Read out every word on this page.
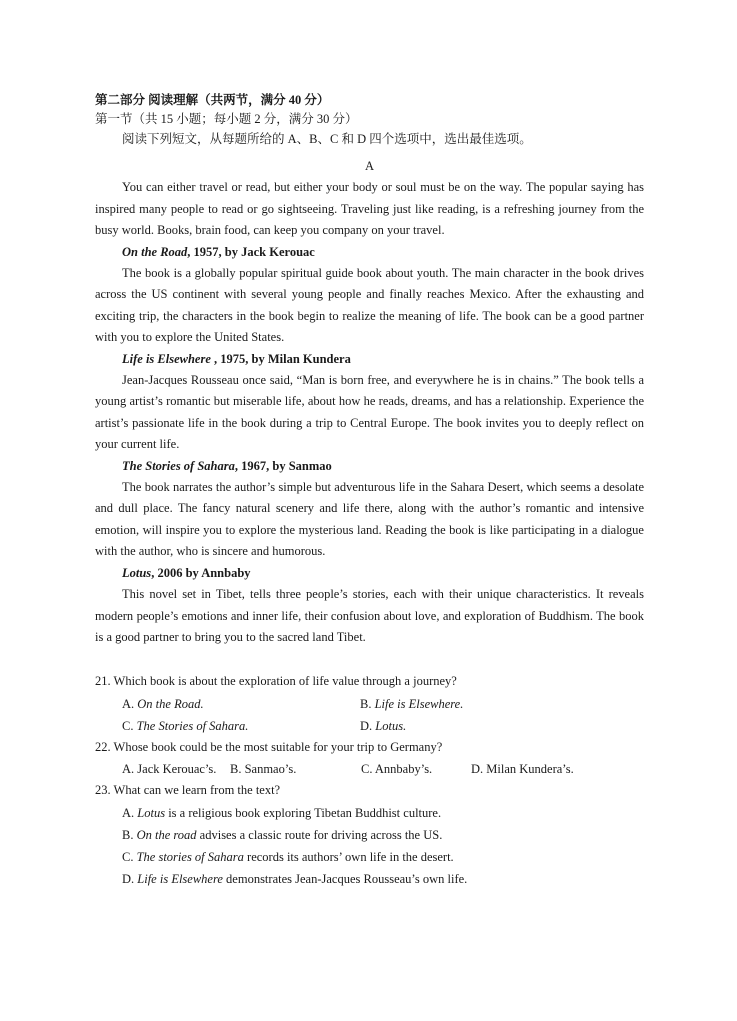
第二部分 阅读理解（共两节，满分 40 分）
第一节（共 15 小题；每小题 2 分，满分 30 分）
阅读下列短文，从每题所给的 A、B、C 和 D 四个选项中，选出最佳选项。
A

You can either travel or read, but either your body or soul must be on the way. The popular saying has inspired many people to read or go sightseeing. Traveling just like reading, is a refreshing journey from the busy world. Books, brain food, can keep you company on your travel.

On the Road, 1957, by Jack Kerouac

The book is a globally popular spiritual guide book about youth. The main character in the book drives across the US continent with several young people and finally reaches Mexico. After the exhausting and exciting trip, the characters in the book begin to realize the meaning of life. The book can be a good partner with you to explore the United States.

Life is Elsewhere , 1975, by Milan Kundera

Jean-Jacques Rousseau once said, “Man is born free, and everywhere he is in chains.” The book tells a young artist’s romantic but miserable life, about how he reads, dreams, and has a relationship. Experience the artist’s passionate life in the book during a trip to Central Europe. The book invites you to deeply reflect on your current life.

The Stories of Sahara, 1967, by Sanmao

The book narrates the author’s simple but adventurous life in the Sahara Desert, which seems a desolate and dull place. The fancy natural scenery and life there, along with the author’s romantic and intensive emotion, will inspire you to explore the mysterious land. Reading the book is like participating in a dialogue with the author, who is sincere and humorous.

Lotus, 2006 by Annbaby

This novel set in Tibet, tells three people’s stories, each with their unique characteristics. It reveals modern people’s emotions and inner life, their confusion about love, and exploration of Buddhism. The book is a good partner to bring you to the sacred land Tibet.

21. Which book is about the exploration of life value through a journey?
A. On the Road.	B. Life is Elsewhere.
C. The Stories of Sahara.	D. Lotus.
22. Whose book could be the most suitable for your trip to Germany?
A. Jack Kerouac’s. B. Sanmao’s.	C. Annbaby’s.	D. Milan Kundera’s.
23. What can we learn from the text?
A. Lotus is a religious book exploring Tibetan Buddhist culture.
B. On the road advises a classic route for driving across the US.
C. The stories of Sahara records its authors’ own life in the desert.
D. Life is Elsewhere demonstrates Jean-Jacques Rousseau’s own life.
